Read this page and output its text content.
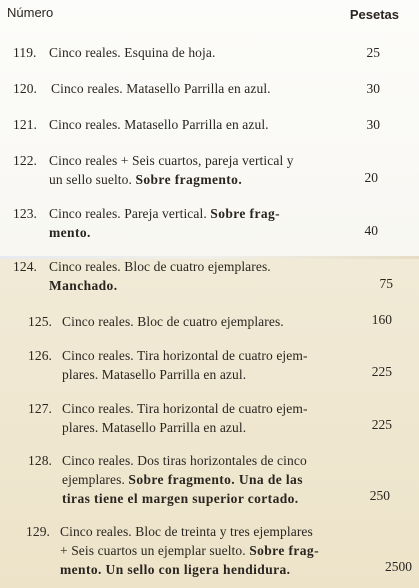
Número	Pesetas
119. Cinco reales. Esquina de hoja.	25
120. Cinco reales. Matasello Parrilla en azul.	30
121. Cinco reales. Matasello Parrilla en azul.	30
122. Cinco reales + Seis cuartos, pareja vertical y
un sello suelto. Sobre fragmento.	20
123. Cinco reales. Pareja vertical. Sobre frag-
mento.	40
124. Cinco reales. Bloc de cuatro ejemplares.
Manchado.	75
125. Cinco reales. Bloc de cuatro ejemplares.	160
126. Cinco reales. Tira horizontal de cuatro ejem-
plares. Matasello Parrilla en azul.	225
127. Cinco reales. Tira horizontal de cuatro ejem-
plares. Matasello Parrilla en azul.	225
128. Cinco reales. Dos tiras horizontales de cinco
ejemplares. Sobre fragmento. Una de las
tiras tiene el margen superior cortado.	250
129. Cinco reales. Bloc de treinta y tres ejemplares
+ Seis cuartos un ejemplar suelto. Sobre frag-
mento. Un sello con ligera hendidura.	2500
